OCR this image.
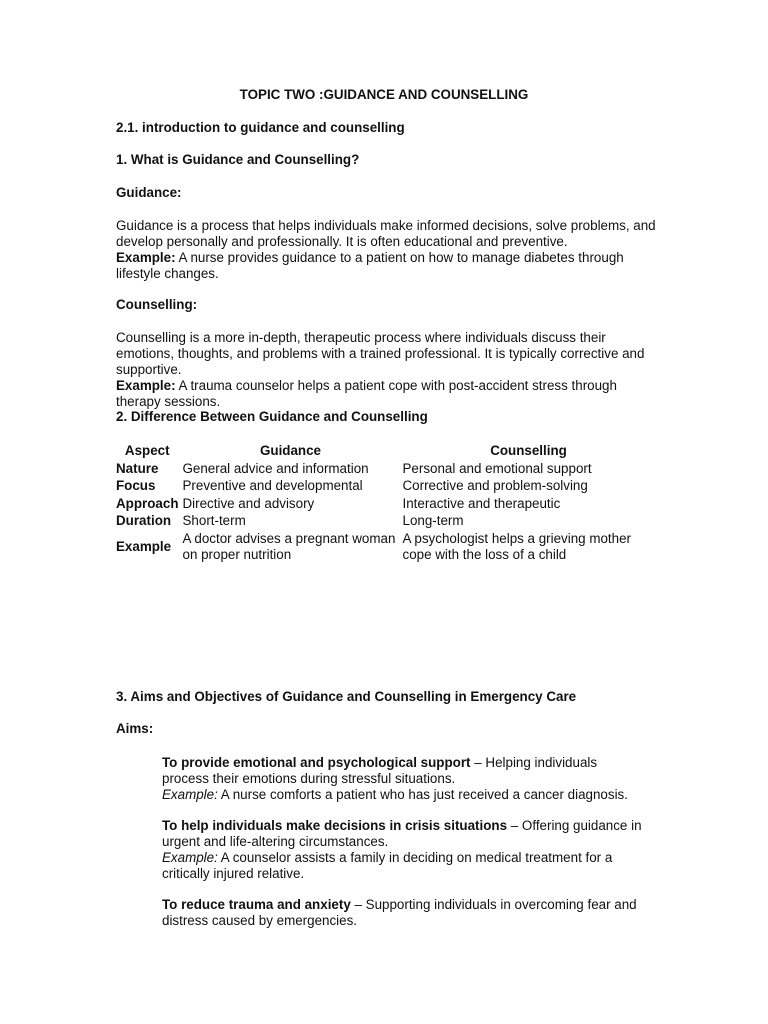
TOPIC TWO :GUIDANCE AND COUNSELLING
2.1. introduction to guidance and counselling
1. What is Guidance and Counselling?
Guidance:
Guidance is a process that helps individuals make informed decisions, solve problems, and develop personally and professionally. It is often educational and preventive.
Example: A nurse provides guidance to a patient on how to manage diabetes through lifestyle changes.
Counselling:
Counselling is a more in-depth, therapeutic process where individuals discuss their emotions, thoughts, and problems with a trained professional. It is typically corrective and supportive.
Example: A trauma counselor helps a patient cope with post-accident stress through therapy sessions.
2. Difference Between Guidance and Counselling
Aspect	Guidance	Counselling
Nature	General advice and information	Personal and emotional support
Focus	Preventive and developmental	Corrective and problem-solving
Approach	Directive and advisory	Interactive and therapeutic
Duration	Short-term	Long-term
Example	A doctor advises a pregnant woman on proper nutrition	A psychologist helps a grieving mother cope with the loss of a child
3. Aims and Objectives of Guidance and Counselling in Emergency Care
Aims:
To provide emotional and psychological support – Helping individuals process their emotions during stressful situations.
Example: A nurse comforts a patient who has just received a cancer diagnosis.
To help individuals make decisions in crisis situations – Offering guidance in urgent and life-altering circumstances.
Example: A counselor assists a family in deciding on medical treatment for a critically injured relative.
To reduce trauma and anxiety – Supporting individuals in overcoming fear and distress caused by emergencies.
